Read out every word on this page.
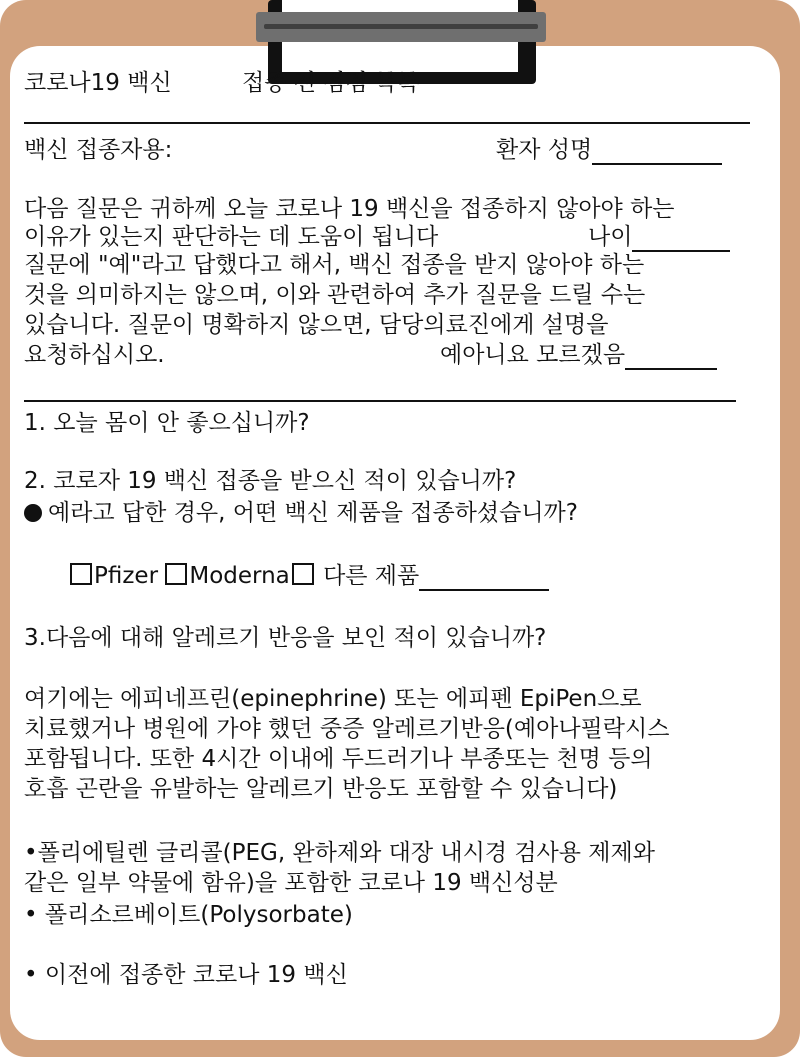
코로나19 백신	접종 전 점검 목록
백신 접종자용:	환자 성명
다음 질문은 귀하께 오늘 코로나 19 백신을 접종하지 않아야 하는
이유가 있는지 판단하는 데 도움이 됩니다	나이
질문에 "예"라고 답했다고 해서, 백신 접종을 받지 않아야 하는
것을 의미하지는 않으며, 이와 관련하여 추가 질문을 드릴 수는
있습니다. 질문이 명확하지 않으면, 담당의료진에게 설명을
요청하십시오.	예아니요 모르겠음
1. 오늘 몸이 안 좋으십니까?
2. 코로자 19 백신 접종을 받으신 적이 있습니까?
예라고 답한 경우, 어떤 백신 제품을 접종하셨습니까?
Pfizer Moderna 다른 제품
3.다음에 대해 알레르기 반응을 보인 적이 있습니까?
여기에는 에피네프린(epinephrine) 또는 에피펜 EpiPen으로
치료했거나 병원에 가야 했던 중증 알레르기반응(예아나필락시스
포함됩니다. 또한 4시간 이내에 두드러기나 부종또는 천명 등의
호흡 곤란을 유발하는 알레르기 반응도 포함할 수 있습니다)
•폴리에틸렌 글리콜(PEG, 완하제와 대장 내시경 검사용 제제와
같은 일부 약물에 함유)을 포함한 코로나 19 백신성분
• 폴리소르베이트(Polysorbate)
• 이전에 접종한 코로나 19 백신
